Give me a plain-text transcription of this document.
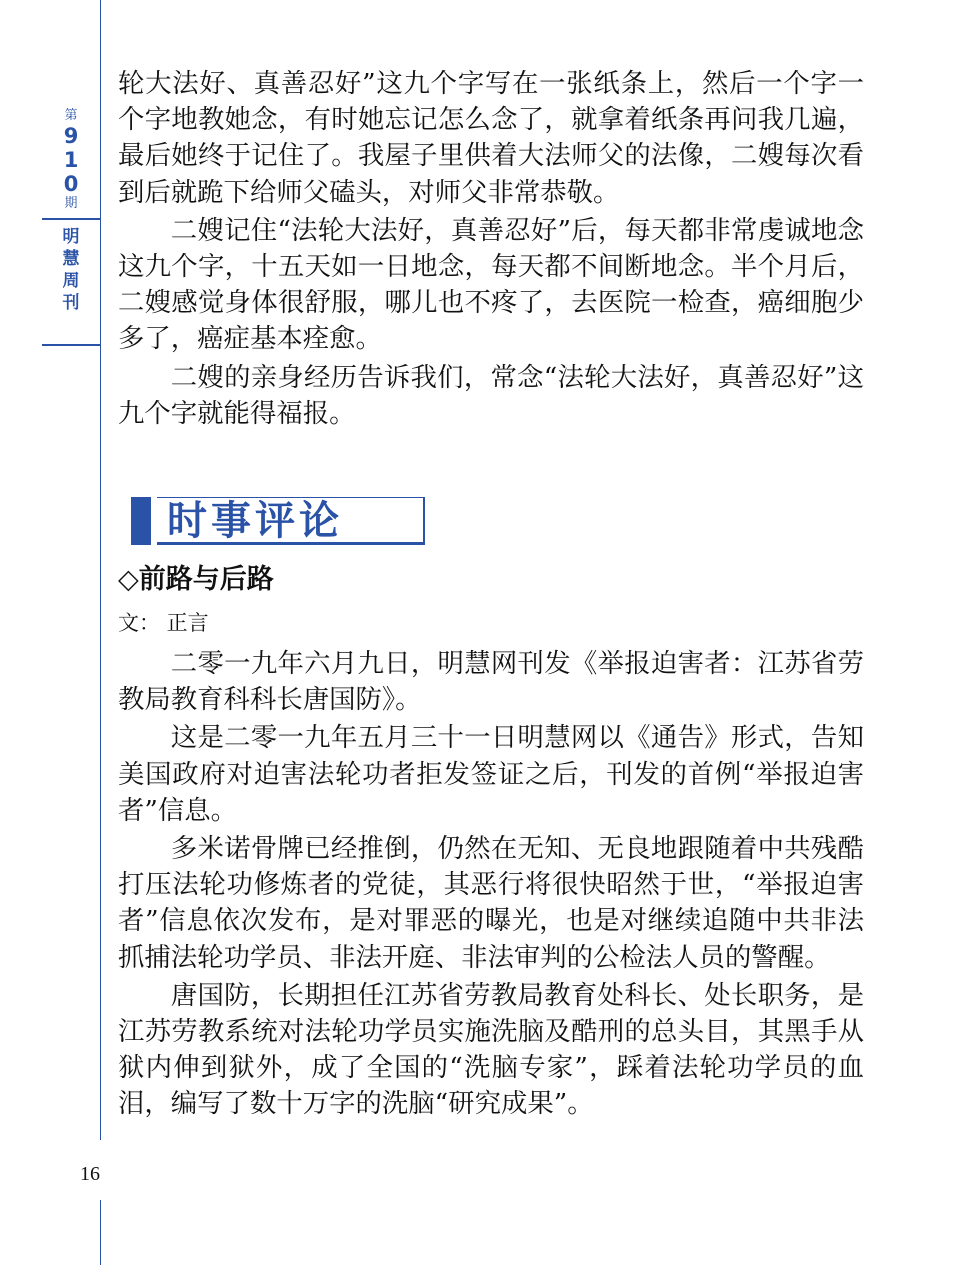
第
9
1
0
期
明
慧
周
刊

轮大法好、真善忍好”这九个字写在一张纸条上，然后一个字一个字地教她念，有时她忘记怎么念了，就拿着纸条再问我几遍，最后她终于记住了。我屋子里供着大法师父的法像，二嫂每次看到后就跪下给师父磕头，对师父非常恭敬。

二嫂记住“法轮大法好，真善忍好”后，每天都非常虔诚地念这九个字，十五天如一日地念，每天都不间断地念。半个月后，二嫂感觉身体很舒服，哪儿也不疼了，去医院一检查，癌细胞少多了，癌症基本痊愈。

二嫂的亲身经历告诉我们，常念“法轮大法好，真善忍好”这九个字就能得福报。

时事评论
◇前路与后路
文： 正言

二零一九年六月九日，明慧网刊发《举报迫害者：江苏省劳教局教育科科长唐国防》。

这是二零一九年五月三十一日明慧网以《通告》形式，告知美国政府对迫害法轮功者拒发签证之后，刊发的首例“举报迫害者”信息。

多米诺骨牌已经推倒，仍然在无知、无良地跟随着中共残酷打压法轮功修炼者的党徒，其恶行将很快昭然于世，“举报迫害者”信息依次发布，是对罪恶的曝光，也是对继续追随中共非法抓捕法轮功学员、非法开庭、非法审判的公检法人员的警醒。

唐国防，长期担任江苏省劳教局教育处科长、处长职务，是江苏劳教系统对法轮功学员实施洗脑及酷刑的总头目，其黑手从狱内伸到狱外，成了全国的“洗脑专家”，踩着法轮功学员的血泪，编写了数十万字的洗脑“研究成果”。

16
